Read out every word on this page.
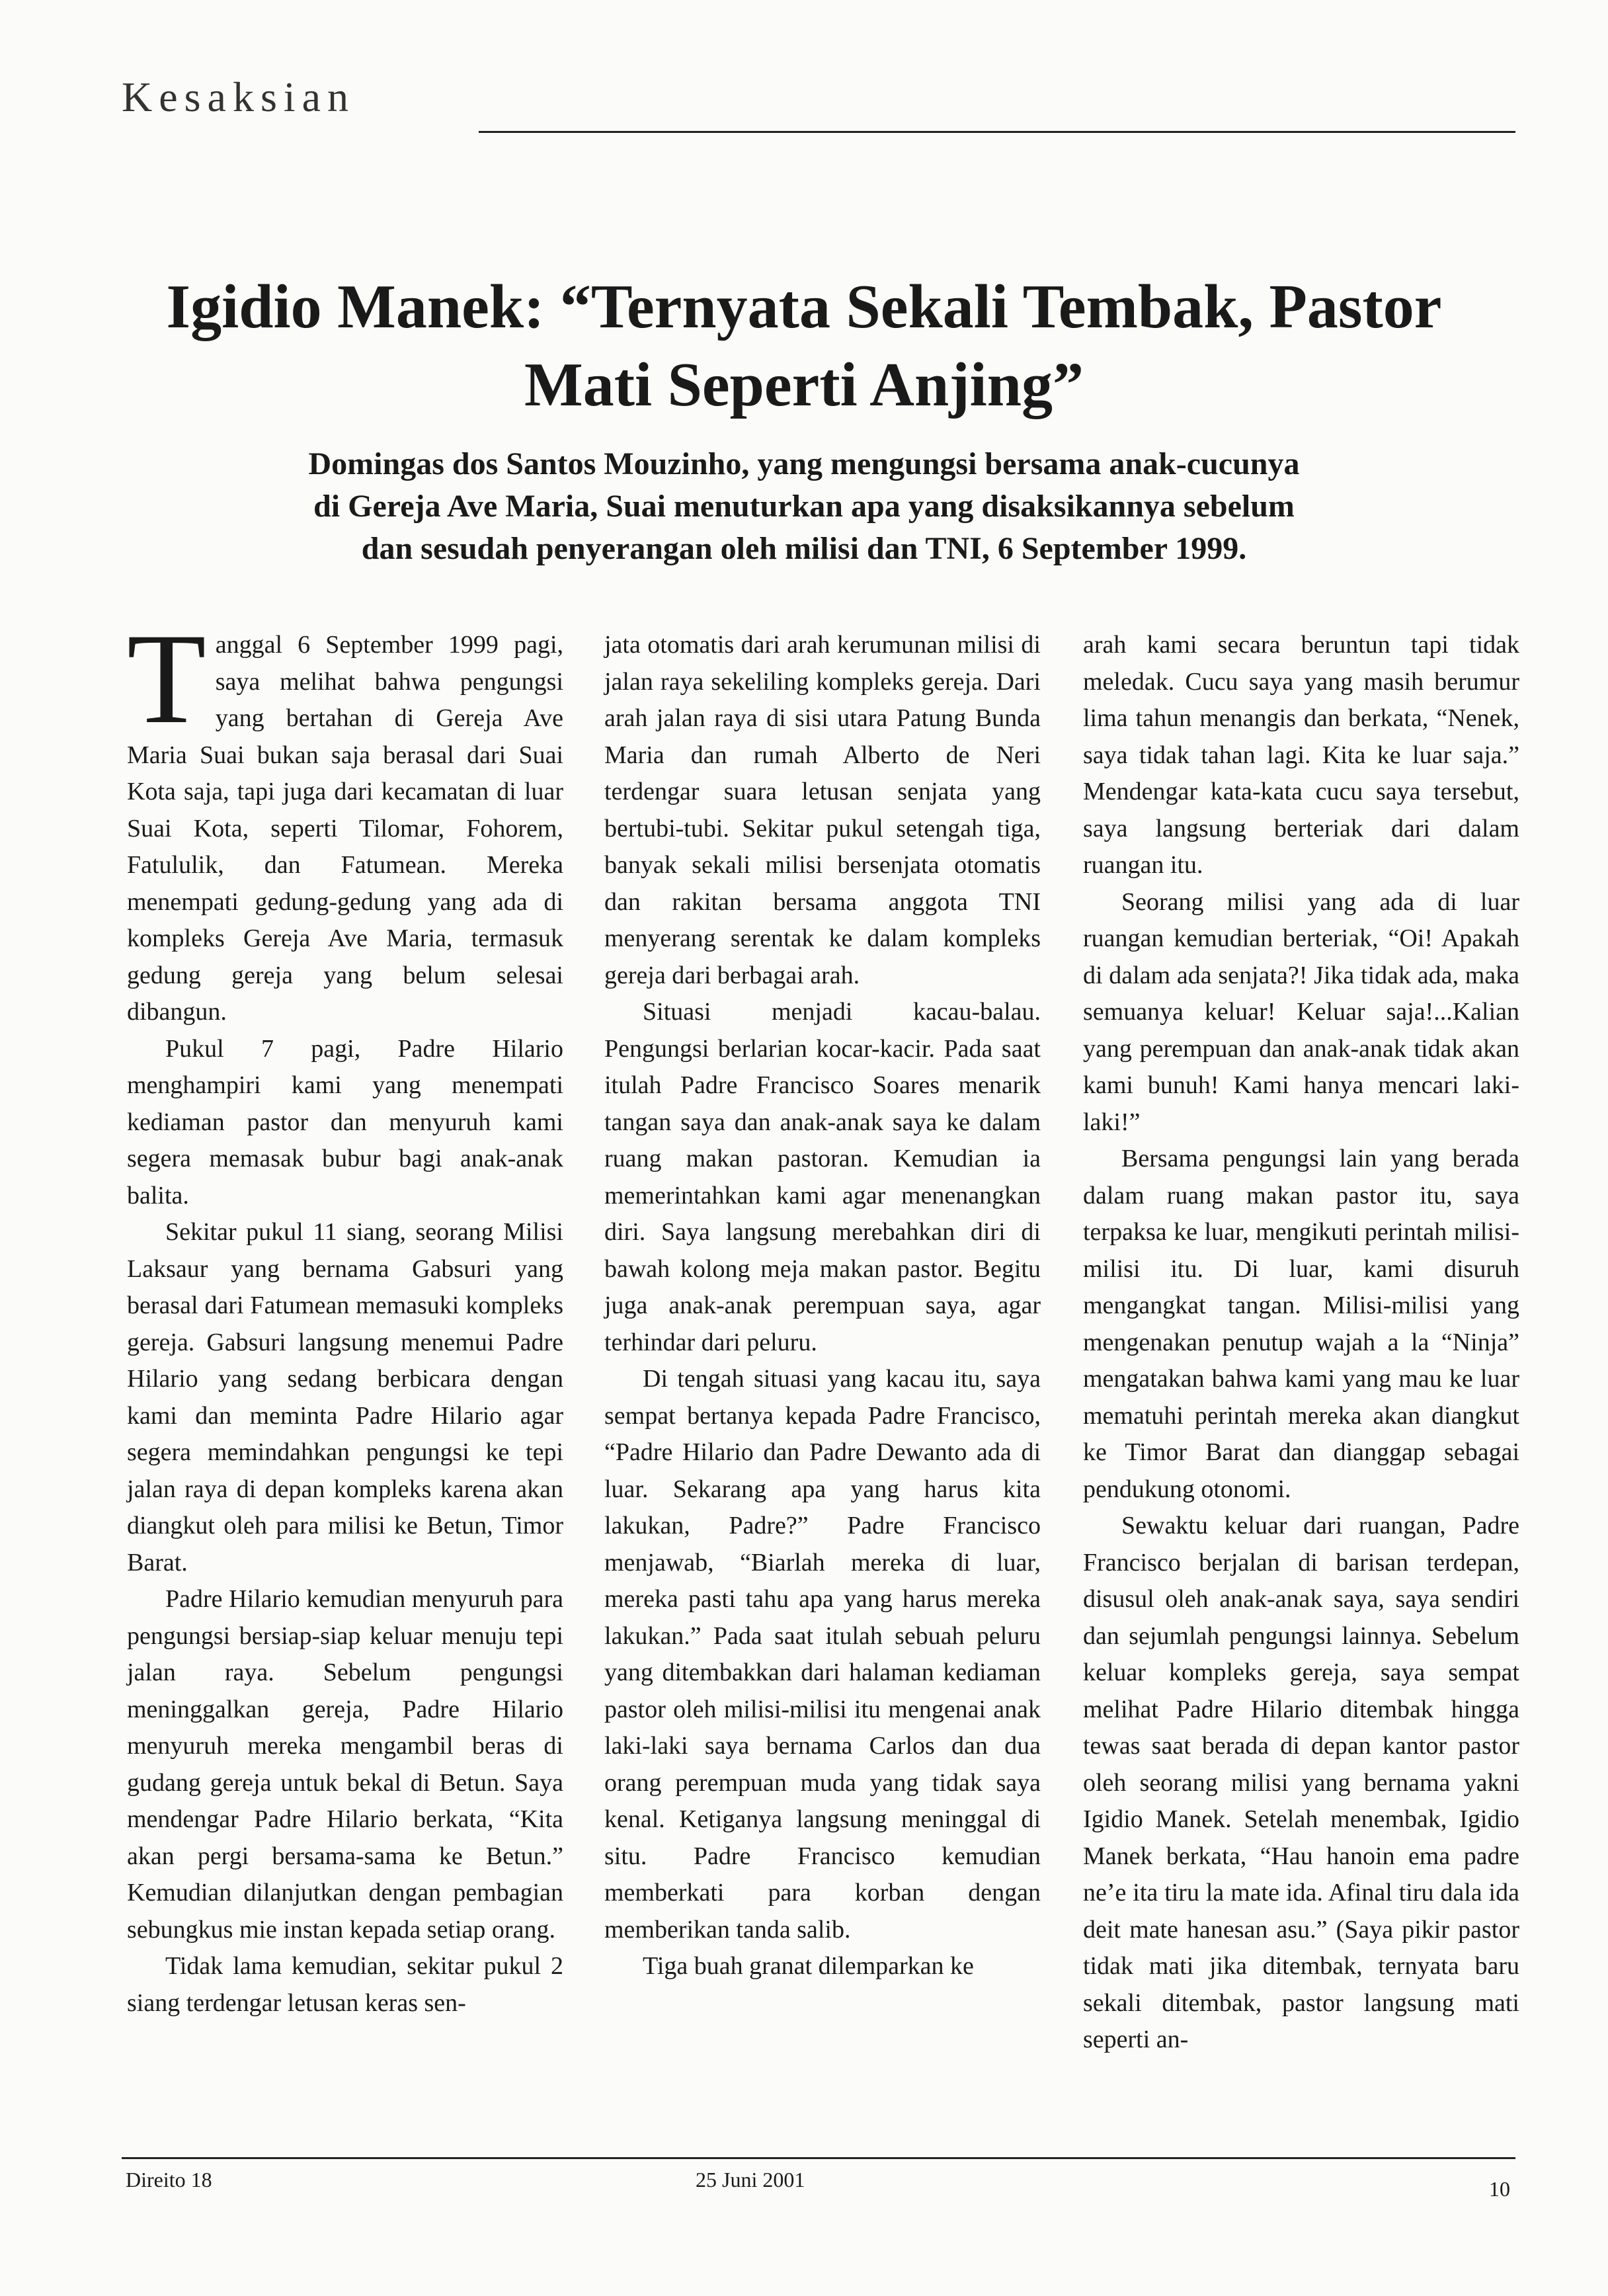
Kesaksian
Igidio Manek: “Ternyata Sekali Tembak, Pastor
Mati Seperti Anjing”
Domingas dos Santos Mouzinho, yang mengungsi bersama anak-cucunya
di Gereja Ave Maria, Suai menuturkan apa yang disaksikannya sebelum
dan sesudah penyerangan oleh milisi dan TNI, 6 September 1999.

Tanggal 6 September 1999 pagi, saya melihat bahwa pengungsi yang bertahan di Gereja Ave Maria Suai bukan saja berasal dari Suai Kota saja, tapi juga dari kecamatan di luar Suai Kota, seperti Tilomar, Fohorem, Fatululik, dan Fatumean. Mereka menempati gedung-gedung yang ada di kompleks Gereja Ave Maria, termasuk gedung gereja yang belum selesai dibangun.

Pukul 7 pagi, Padre Hilario menghampiri kami yang menempati kediaman pastor dan menyuruh kami segera memasak bubur bagi anak-anak balita.

Sekitar pukul 11 siang, seorang Milisi Laksaur yang bernama Gabsuri yang berasal dari Fatumean memasuki kompleks gereja. Gabsuri langsung menemui Padre Hilario yang sedang berbicara dengan kami dan meminta Padre Hilario agar segera memindahkan pengungsi ke tepi jalan raya di depan kompleks karena akan diangkut oleh para milisi ke Betun, Timor Barat.

Padre Hilario kemudian menyuruh para pengungsi bersiap-siap keluar menuju tepi jalan raya. Sebelum pengungsi meninggalkan gereja, Padre Hilario menyuruh mereka mengambil beras di gudang gereja untuk bekal di Betun. Saya mendengar Padre Hilario berkata, “Kita akan pergi bersama-sama ke Betun.” Kemudian dilanjutkan dengan pembagian sebungkus mie instan kepada setiap orang.

Tidak lama kemudian, sekitar pukul 2 siang terdengar letusan keras sen-

jata otomatis dari arah kerumunan milisi di jalan raya sekeliling kompleks gereja. Dari arah jalan raya di sisi utara Patung Bunda Maria dan rumah Alberto de Neri terdengar suara letusan senjata yang bertubi-tubi. Sekitar pukul setengah tiga, banyak sekali milisi bersenjata otomatis dan rakitan bersama anggota TNI menyerang serentak ke dalam kompleks gereja dari berbagai arah.

Situasi menjadi kacau-balau. Pengungsi berlarian kocar-kacir. Pada saat itulah Padre Francisco Soares menarik tangan saya dan anak-anak saya ke dalam ruang makan pastoran. Kemudian ia memerintahkan kami agar menenangkan diri. Saya langsung merebahkan diri di bawah kolong meja makan pastor. Begitu juga anak-anak perempuan saya, agar terhindar dari peluru.

Di tengah situasi yang kacau itu, saya sempat bertanya kepada Padre Francisco, “Padre Hilario dan Padre Dewanto ada di luar. Sekarang apa yang harus kita lakukan, Padre?” Padre Francisco menjawab, “Biarlah mereka di luar, mereka pasti tahu apa yang harus mereka lakukan.” Pada saat itulah sebuah peluru yang ditembakkan dari halaman kediaman pastor oleh milisi-milisi itu mengenai anak laki-laki saya bernama Carlos dan dua orang perempuan muda yang tidak saya kenal. Ketiganya langsung meninggal di situ. Padre Francisco kemudian memberkati para korban dengan memberikan tanda salib.

Tiga buah granat dilemparkan ke

arah kami secara beruntun tapi tidak meledak. Cucu saya yang masih berumur lima tahun menangis dan berkata, “Nenek, saya tidak tahan lagi. Kita ke luar saja.” Mendengar kata-kata cucu saya tersebut, saya langsung berteriak dari dalam ruangan itu.

Seorang milisi yang ada di luar ruangan kemudian berteriak, “Oi! Apakah di dalam ada senjata?! Jika tidak ada, maka semuanya keluar! Keluar saja!...Kalian yang perempuan dan anak-anak tidak akan kami bunuh! Kami hanya mencari laki-laki!”

Bersama pengungsi lain yang berada dalam ruang makan pastor itu, saya terpaksa ke luar, mengikuti perintah milisi-milisi itu. Di luar, kami disuruh mengangkat tangan. Milisi-milisi yang mengenakan penutup wajah a la “Ninja” mengatakan bahwa kami yang mau ke luar mematuhi perintah mereka akan diangkut ke Timor Barat dan dianggap sebagai pendukung otonomi.

Sewaktu keluar dari ruangan, Padre Francisco berjalan di barisan terdepan, disusul oleh anak-anak saya, saya sendiri dan sejumlah pengungsi lainnya. Sebelum keluar kompleks gereja, saya sempat melihat Padre Hilario ditembak hingga tewas saat berada di depan kantor pastor oleh seorang milisi yang bernama yakni Igidio Manek. Setelah menembak, Igidio Manek berkata, “Hau hanoin ema padre ne’e ita tiru la mate ida. Afinal tiru dala ida deit mate hanesan asu.” (Saya pikir pastor tidak mati jika ditembak, ternyata baru sekali ditembak, pastor langsung mati seperti an-

Direito 18	25 Juni 2001	10
